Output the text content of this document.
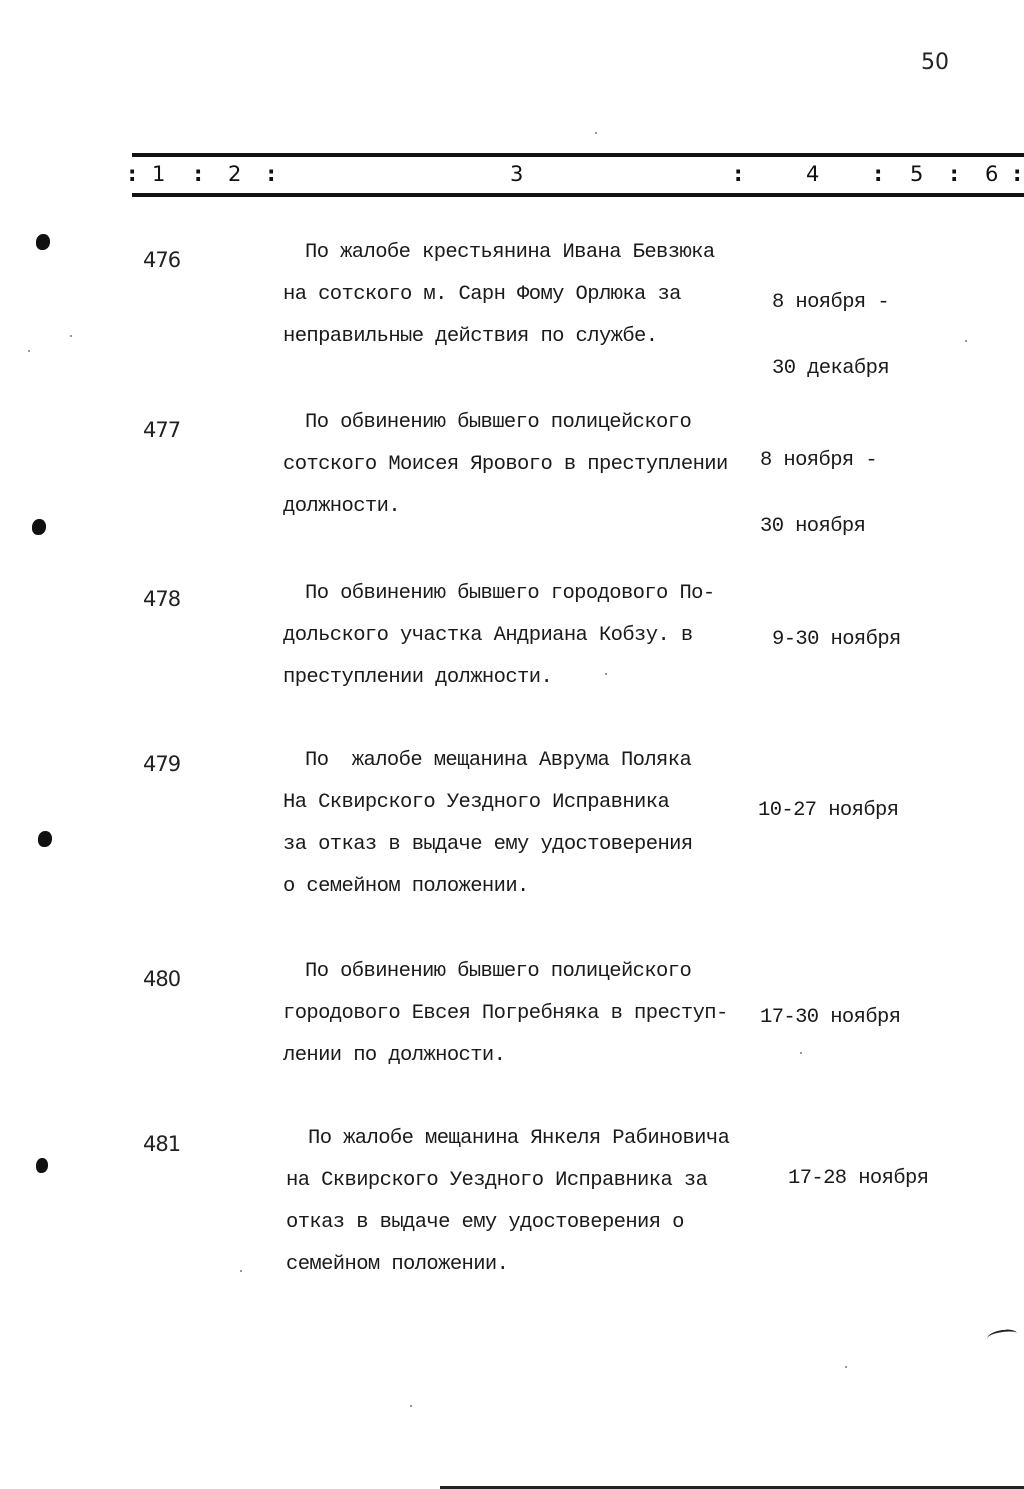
50
: 1 : 2 :	3	:	4	: 5 : 6 :
476	По жалобе крестьянина Ивана Бевзюка
на сотского м. Сарн Фому Орлюка за
неправильные действия по службе.

8 ноября -

30 декабря

477	По обвинению бывшего полицейского
сотского Моисея Ярового в преступлении
должности.

8 ноября -

30 ноября

478	По обвинению бывшего городового По-
дольского участка Андриана Кобзу. в
преступлении должности.

9-30 ноября

479	По  жалобе мещанина Аврума Поляка
На Сквирского Уездного Исправника
за отказ в выдаче ему удостоверения
о семейном положении.

10-27 ноября

480	По обвинению бывшего полицейского
городового Евсея Погребняка в преступ-
лении по должности.

17-30 ноября

481	По жалобе мещанина Янкеля Рабиновича
на Сквирского Уездного Исправника за
отказ в выдаче ему удостоверения о
семейном положении.

17-28 ноября
